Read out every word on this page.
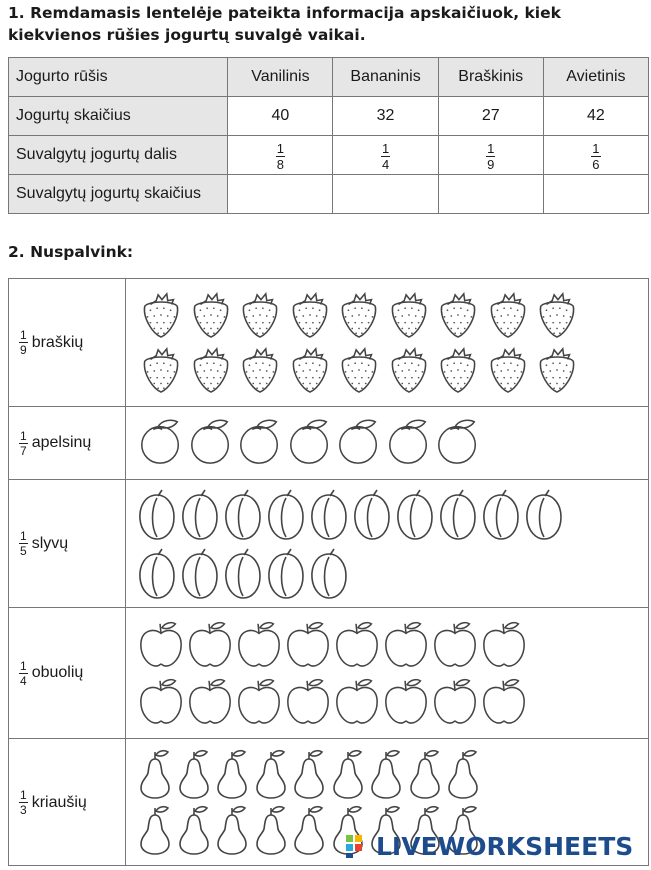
1. Remdamasis lentelėje pateikta informacija apskaičiuok, kiek kiekvienos rūšies jogurtų suvalgė vaikai.
Jogurto rūšis	Vanilinis	Bananinis	Braškinis	Avietinis
Jogurtų skaičius	40	32	27	42
Suvalgytų jogurtų dalis	$\frac{1}{8}$	$\frac{1}{4}$	$\frac{1}{9}$	$\frac{1}{6}$

Suvalgytų jogurtų skaičius				
2. Nuspalvink:
$\frac{1}{9}$ braškių
$\frac{1}{7}$ apelsinų
$\frac{1}{5}$ slyvų
$\frac{1}{4}$ obuolių
$\frac{1}{3}$ kriaušių
LIVEWORKSHEETS
